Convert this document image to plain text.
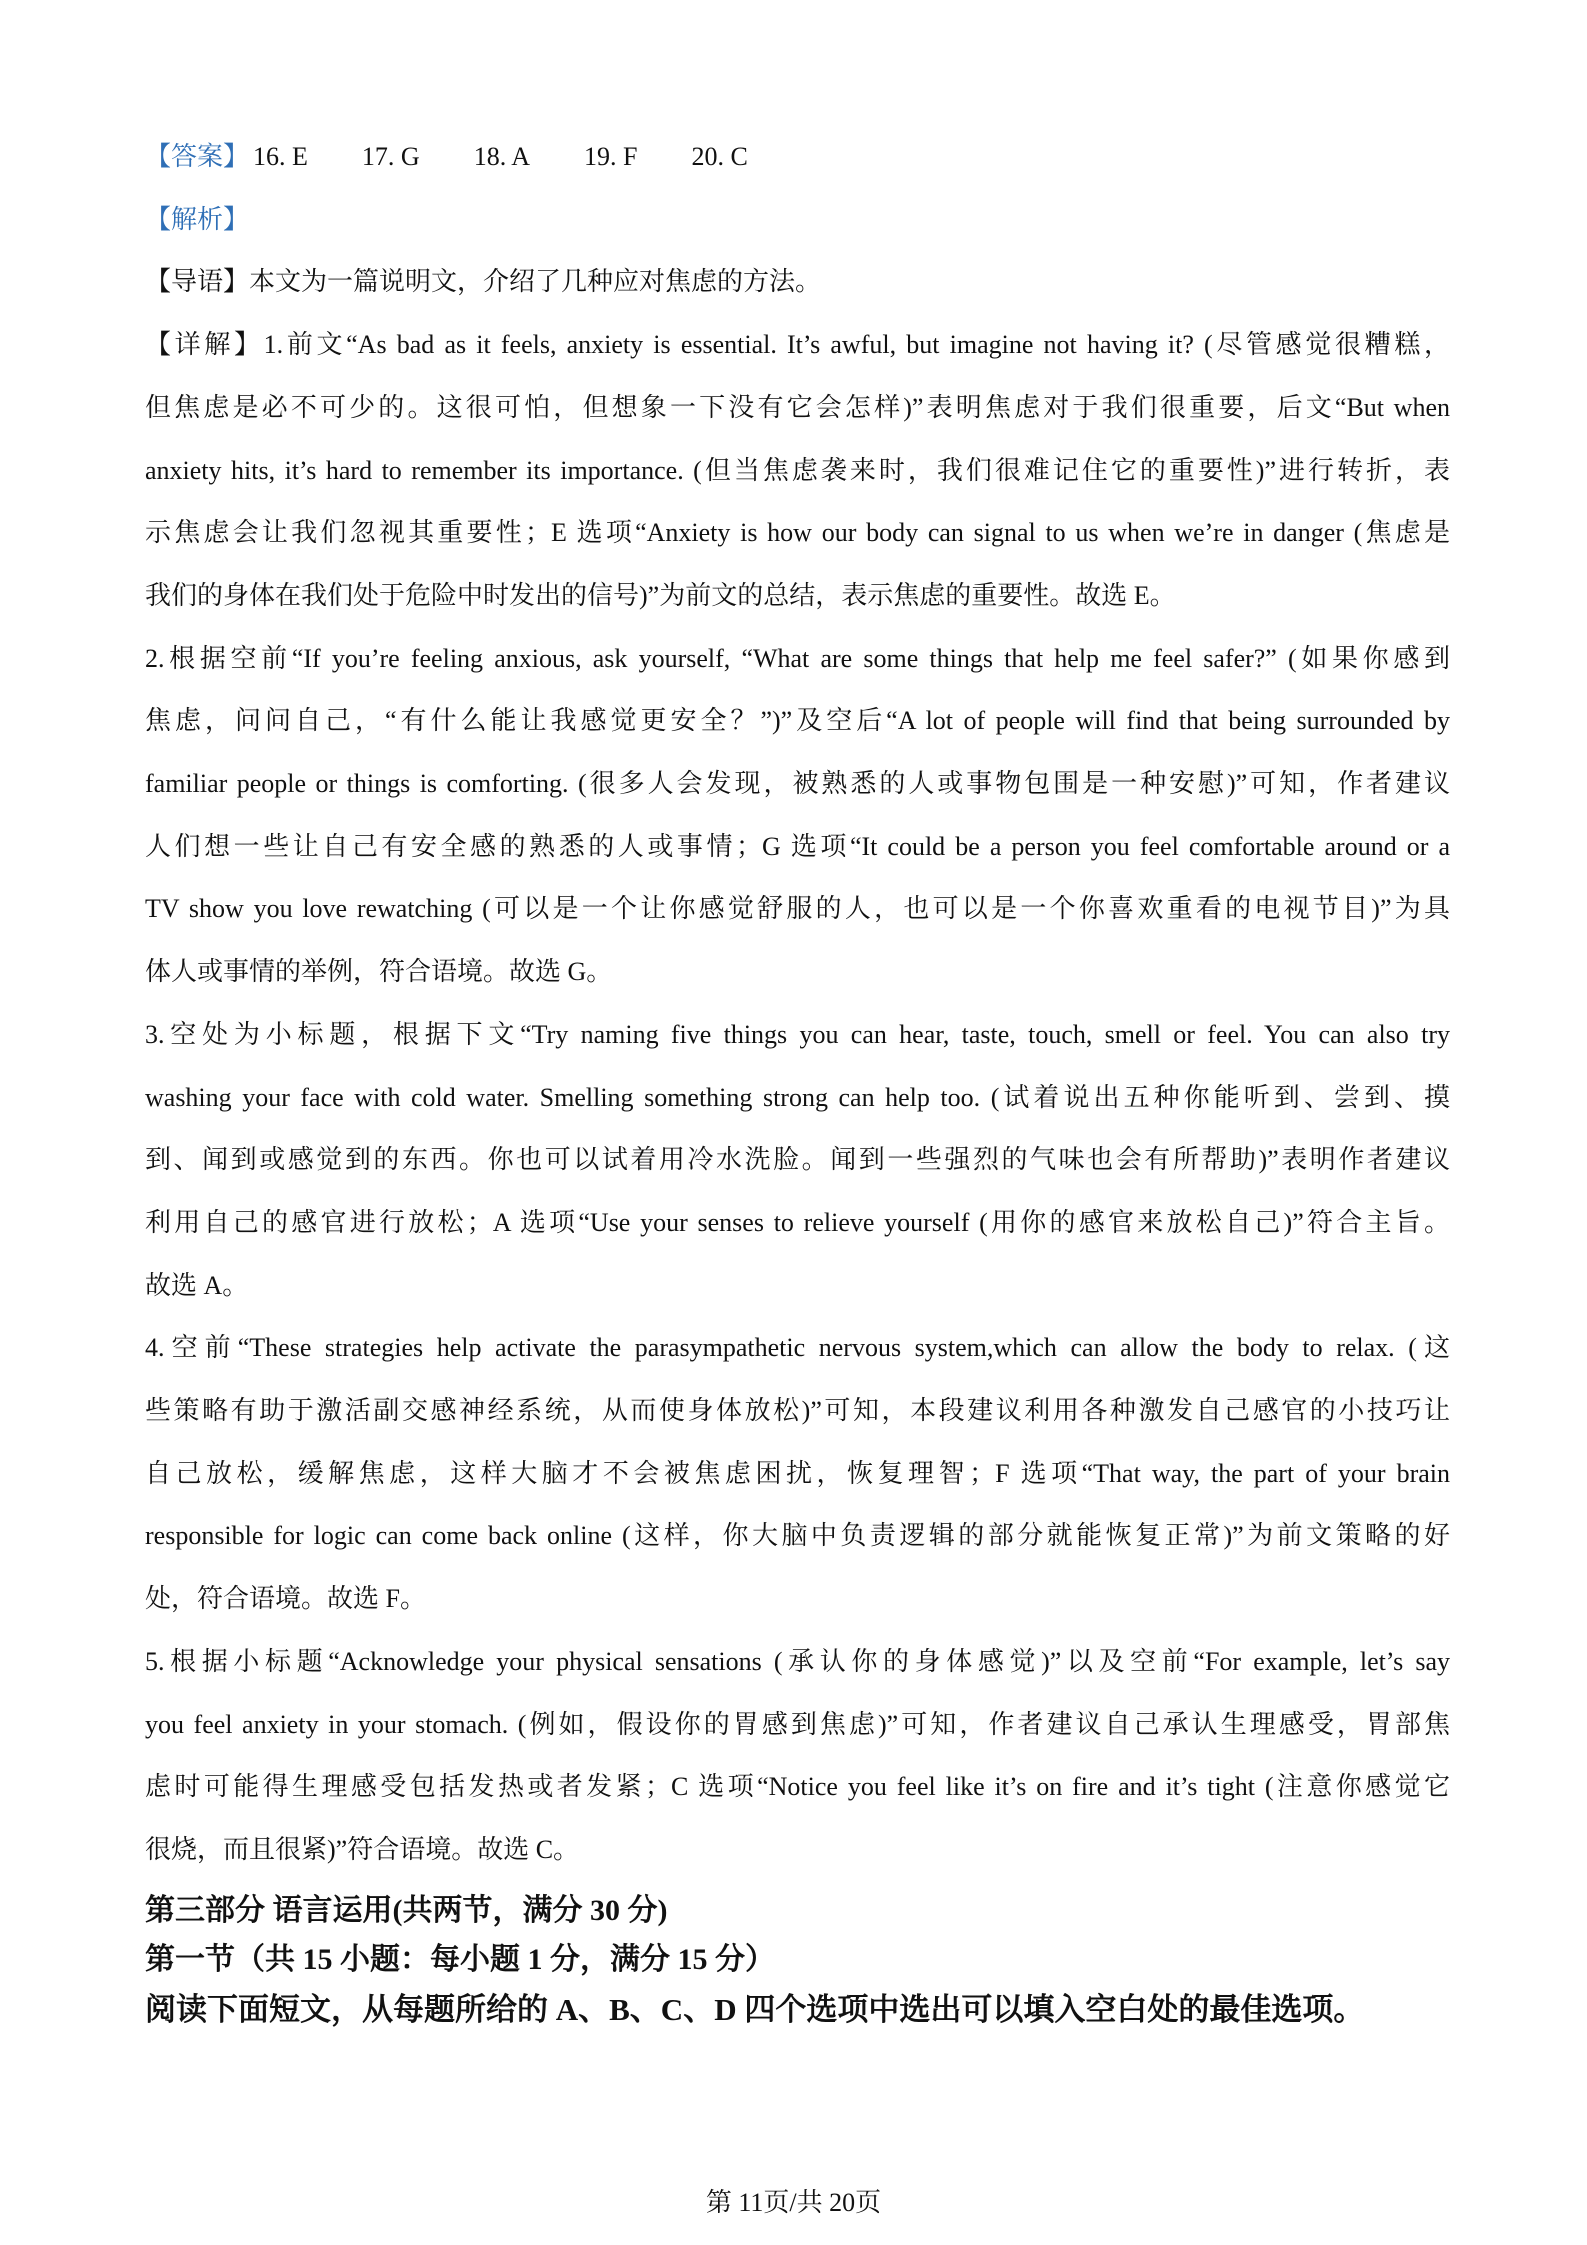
【答案】 16. E 17. G 18. A 19. F 20. C
【解析】
【导语】本文为一篇说明文，介绍了几种应对焦虑的方法。
【详解】1.前文“As bad as it feels, anxiety is essential. It’s awful, but imagine not having it? (尽管感觉很糟糕，
但焦虑是必不可少的。这很可怕，但想象一下没有它会怎样)”表明焦虑对于我们很重要，后文“But when
anxiety hits, it’s hard to remember its importance. (但当焦虑袭来时，我们很难记住它的重要性)”进行转折，表
示焦虑会让我们忽视其重要性；E 选项“Anxiety is how our body can signal to us when we’re in danger (焦虑是
我们的身体在我们处于危险中时发出的信号)”为前文的总结，表示焦虑的重要性。故选 E。
2.根据空前“If you’re feeling anxious, ask yourself, “What are some things that help me feel safer?” (如果你感到
焦虑，问问自己，“有什么能让我感觉更安全？”)”及空后“A lot of people will find that being surrounded by
familiar people or things is comforting. (很多人会发现，被熟悉的人或事物包围是一种安慰)”可知，作者建议
人们想一些让自己有安全感的熟悉的人或事情；G 选项“It could be a person you feel comfortable around or a
TV show you love rewatching (可以是一个让你感觉舒服的人，也可以是一个你喜欢重看的电视节目)”为具
体人或事情的举例，符合语境。故选 G。
3.空处为小标题，根据下文“Try naming five things you can hear, taste, touch, smell or feel. You can also try
washing your face with cold water. Smelling something strong can help too. (试着说出五种你能听到、尝到、摸
到、闻到或感觉到的东西。你也可以试着用冷水洗脸。闻到一些强烈的气味也会有所帮助)”表明作者建议
利用自己的感官进行放松；A 选项“Use your senses to relieve yourself (用你的感官来放松自己)”符合主旨。
故选 A。
4.空前“These strategies help activate the parasympathetic nervous system,which can allow the body to relax. (这
些策略有助于激活副交感神经系统，从而使身体放松)”可知，本段建议利用各种激发自己感官的小技巧让
自己放松，缓解焦虑，这样大脑才不会被焦虑困扰，恢复理智；F 选项“That way, the part of your brain
responsible for logic can come back online (这样，你大脑中负责逻辑的部分就能恢复正常)”为前文策略的好
处，符合语境。故选 F。
5.根据小标题“Acknowledge your physical sensations (承认你的身体感觉)”以及空前“For example, let’s say
you feel anxiety in your stomach. (例如，假设你的胃感到焦虑)”可知，作者建议自己承认生理感受，胃部焦
虑时可能得生理感受包括发热或者发紧；C 选项“Notice you feel like it’s on fire and it’s tight (注意你感觉它
很烧，而且很紧)”符合语境。故选 C。
第三部分 语言运用(共两节，满分 30 分)
第一节（共 15 小题：每小题 1 分，满分 15 分）
阅读下面短文，从每题所给的 A、B、C、D 四个选项中选出可以填入空白处的最佳选项。
第 11页/共 20页
